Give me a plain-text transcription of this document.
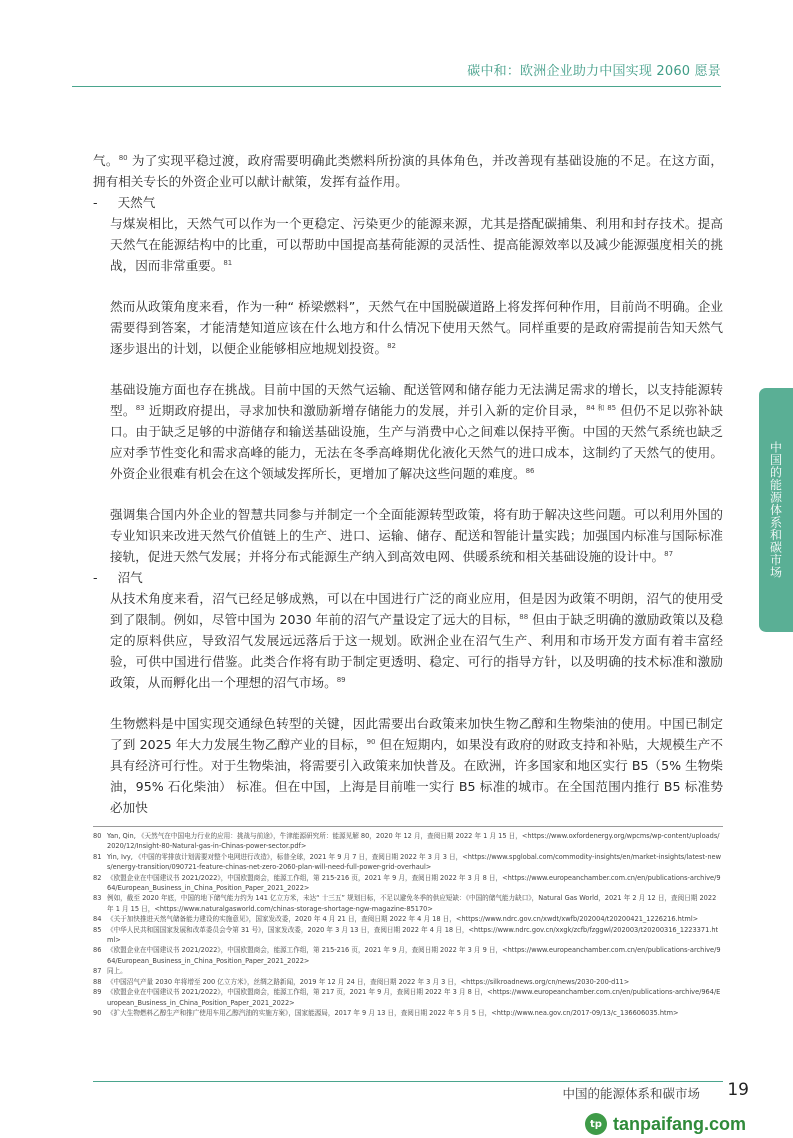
碳中和：欧洲企业助力中国实现 2060 愿景
中国的能源体系和碳市场

气。$^{80}$ 为了实现平稳过渡，政府需要明确此类燃料所扮演的具体角色，并改善现有基础设施的不足。在这方面，拥有相关专长的外资企业可以献计献策，发挥有益作用。

- 天然气

与煤炭相比，天然气可以作为一个更稳定、污染更少的能源来源，尤其是搭配碳捕集、利用和封存技术。提高天然气在能源结构中的比重，可以帮助中国提高基荷能源的灵活性、提高能源效率以及减少能源强度相关的挑战，因而非常重要。$^{81}$

然而从政策角度来看，作为一种“ 桥梁燃料”，天然气在中国脱碳道路上将发挥何种作用，目前尚不明确。企业需要得到答案，才能清楚知道应该在什么地方和什么情况下使用天然气。同样重要的是政府需提前告知天然气逐步退出的计划，以便企业能够相应地规划投资。$^{82}$

基础设施方面也存在挑战。目前中国的天然气运输、配送管网和储存能力无法满足需求的增长，以支持能源转型。$^{83}$ 近期政府提出，寻求加快和激励新增存储能力的发展，并引入新的定价目录，$^{84 和 85}$ 但仍不足以弥补缺口。由于缺乏足够的中游储存和输送基础设施，生产与消费中心之间难以保持平衡。中国的天然气系统也缺乏应对季节性变化和需求高峰的能力，无法在冬季高峰期优化液化天然气的进口成本，这制约了天然气的使用。外资企业很难有机会在这个领域发挥所长，更增加了解决这些问题的难度。$^{86}$

强调集合国内外企业的智慧共同参与并制定一个全面能源转型政策，将有助于解决这些问题。可以利用外国的专业知识来改进天然气价值链上的生产、进口、运输、储存、配送和智能计量实践；加强国内标准与国际标准接轨，促进天然气发展；并将分布式能源生产纳入到高效电网、供暖系统和相关基础设施的设计中。$^{87}$

- 沼气

从技术角度来看，沼气已经足够成熟，可以在中国进行广泛的商业应用，但是因为政策不明朗，沼气的使用受到了限制。例如，尽管中国为 2030 年前的沼气产量设定了远大的目标，$^{88}$ 但由于缺乏明确的激励政策以及稳定的原料供应，导致沼气发展远远落后于这一规划。欧洲企业在沼气生产、利用和市场开发方面有着丰富经验，可供中国进行借鉴。此类合作将有助于制定更透明、稳定、可行的指导方针，以及明确的技术标准和激励政策，从而孵化出一个理想的沼气市场。$^{89}$

生物燃料是中国实现交通绿色转型的关键，因此需要出台政策来加快生物乙醇和生物柴油的使用。中国已制定了到 2025 年大力发展生物乙醇产业的目标，$^{90}$ 但在短期内，如果没有政府的财政支持和补贴，大规模生产不具有经济可行性。对于生物柴油，将需要引入政策来加快普及。在欧洲，许多国家和地区实行 B5（5% 生物柴油，95% 石化柴油） 标准。但在中国，上海是目前唯一实行 B5 标准的城市。在全国范围内推行 B5 标准势必加快

80 Yan, Qin, 《天然气在中国电力行业的应用：挑战与前途》，牛津能源研究所：能源见解 80，2020 年 12 月，查阅日期 2022 年 1 月 15 日，<https://www.oxfordenergy.org/wpcms/wp-content/uploads/2020/12/Insight-80-Natural-gas-in-Chinas-power-sector.pdf>
81 Yin, Ivy, 《中国的零排放计划需要对整个电网进行改造》，标普全球，2021 年 9 月 7 日，查阅日期 2022 年 3 月 3 日，<https://www.spglobal.com/commodity-insights/en/market-insights/latest-news/energy-transition/090721-feature-chinas-net-zero-2060-plan-will-need-full-power-grid-overhaul>
82 《欧盟企业在中国建议书 2021/2022》，中国欧盟商会，能源工作组，第 215-216 页，2021 年 9 月，查阅日期 2022 年 3 月 8 日，<https://www.europeanchamber.com.cn/en/publications-archive/964/European_Business_in_China_Position_Paper_2021_2022>
83 例如，截至 2020 年底，中国的地下储气能力约为 141 亿立方米，未达“ 十三五” 规划目标，不足以避免冬季的供应短缺：《中国的储气能力缺口》，Natural Gas World，2021 年 2 月 12 日，查阅日期 2022 年 1 月 15 日，<https://www.naturalgasworld.com/chinas-storage-shortage-ngw-magazine-85170>
84 《关于加快推进天然气储备能力建设的实施意见》，国家发改委，2020 年 4 月 21 日，查阅日期 2022 年 4 月 18 日，<https://www.ndrc.gov.cn/xwdt/xwfb/202004/t20200421_1226216.html>
85 《中华人民共和国国家发展和改革委员会令第 31 号》，国家发改委，2020 年 3 月 13 日，查阅日期 2022 年 4 月 18 日，<https://www.ndrc.gov.cn/xxgk/zcfb/fzggwl/202003/t20200316_1223371.html>
86 《欧盟企业在中国建议书 2021/2022》，中国欧盟商会，能源工作组，第 215-216 页，2021 年 9 月，查阅日期 2022 年 3 月 9 日，<https://www.europeanchamber.com.cn/en/publications-archive/964/European_Business_in_China_Position_Paper_2021_2022>
87 同上。
88 《中国沼气产量 2030 年将增至 200 亿立方米》，丝绸之路新闻，2019 年 12 月 24 日，查阅日期 2022 年 3 月 3 日，<https://silkroadnews.org/cn/news/2030-200-d11>
89 《欧盟企业在中国建议书 2021/2022》，中国欧盟商会，能源工作组，第 217 页，2021 年 9 月，查阅日期 2022 年 3 月 8 日，<https://www.europeanchamber.com.cn/en/publications-archive/964/European_Business_in_China_Position_Paper_2021_2022>
90 《扩大生物燃料乙醇生产和推广使用车用乙醇汽油的实施方案》，国家能源局，2017 年 9 月 13 日，查阅日期 2022 年 5 月 5 日，<http://www.nea.gov.cn/2017-09/13/c_136606035.htm>
中国的能源体系和碳市场 19
tp tanpaifang.com
